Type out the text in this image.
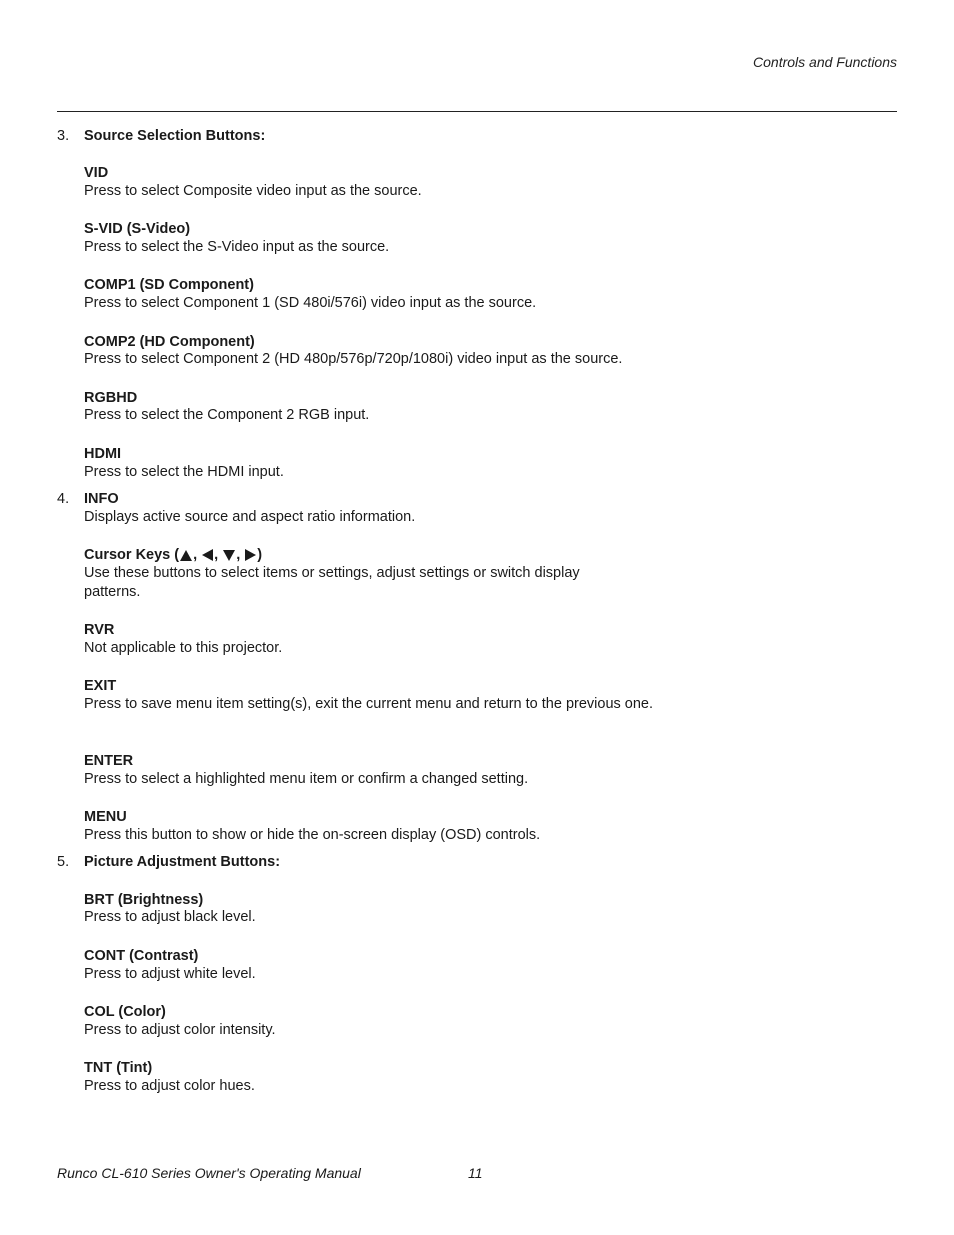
Controls and Functions
3. Source Selection Buttons:
VID
Press to select Composite video input as the source.
S-VID (S-Video)
Press to select the S-Video input as the source.
COMP1 (SD Component)
Press to select Component 1 (SD 480i/576i) video input as the source.
COMP2 (HD Component)
Press to select Component 2 (HD 480p/576p/720p/1080i) video input as the source.
RGBHD
Press to select the Component 2 RGB input.
HDMI
Press to select the HDMI input.
4. INFO
Displays active source and aspect ratio information.
Cursor Keys ( , , , )
Use these buttons to select items or settings, adjust settings or switch display patterns.
RVR
Not applicable to this projector.
EXIT
Press to save menu item setting(s), exit the current menu and return to the previous one.
ENTER
Press to select a highlighted menu item or confirm a changed setting.
MENU
Press this button to show or hide the on-screen display (OSD) controls.
5. Picture Adjustment Buttons:
BRT (Brightness)
Press to adjust black level.
CONT (Contrast)
Press to adjust white level.
COL (Color)
Press to adjust color intensity.
TNT (Tint)
Press to adjust color hues.
Runco CL-610 Series Owner's Operating Manual	11
